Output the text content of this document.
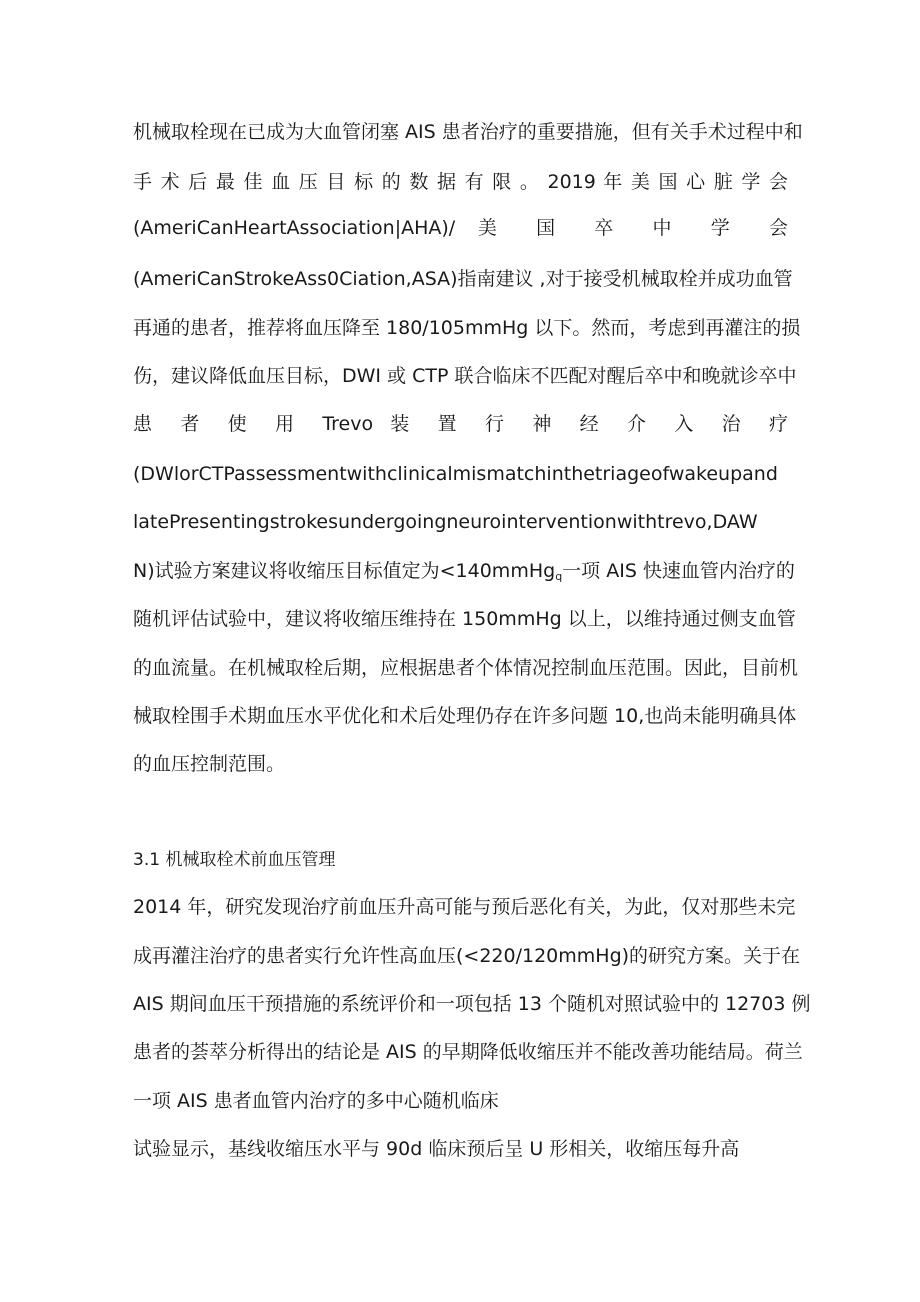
机械取栓现在已成为大血管闭塞 AIS 患者治疗的重要措施，但有关手术过程中和

手 术 后 最 佳 血 压 目 标 的 数 据 有 限 。 2019 年 美 国 心 脏 学 会

(AmeriCanHeartAssociation|AHA)/ 美 国 卒 中 学 会

(AmeriCanStrokeAss0Ciation,ASA)指南建议 ,对于接受机械取栓并成功血管

再通的患者，推荐将血压降至 180/105mmHg 以下。然而，考虑到再灌注的损

伤，建议降低血压目标，DWI 或 CTP 联合临床不匹配对醒后卒中和晚就诊卒中

患 者 使 用 Trevo 装 置 行 神 经 介 入 治 疗

(DWlorCTPassessmentwithclinicalmismatchinthetriageofwakeupand

latePresentingstrokesundergoingneurointerventionwithtrevo,DAW

N)试验方案建议将收缩压目标值定为<140mmHg$_q$一项 AIS 快速血管内治疗的

随机评估试验中，建议将收缩压维持在 150mmHg 以上，以维持通过侧支血管

的血流量。在机械取栓后期，应根据患者个体情况控制血压范围。因此，目前机

械取栓围手术期血压水平优化和术后处理仍存在许多问题 10,也尚未能明确具体

的血压控制范围。

3.1 机械取栓术前血压管理

2014 年，研究发现治疗前血压升高可能与预后恶化有关，为此，仅对那些未完

成再灌注治疗的患者实行允许性高血压(<220/120mmHg)的研究方案。关于在

AIS 期间血压干预措施的系统评价和一项包括 13 个随机对照试验中的 12703 例

患者的荟萃分析得出的结论是 AIS 的早期降低收缩压并不能改善功能结局。荷兰

一项 AIS 患者血管内治疗的多中心随机临床

试验显示，基线收缩压水平与 90d 临床预后呈 U 形相关，收缩压每升高
